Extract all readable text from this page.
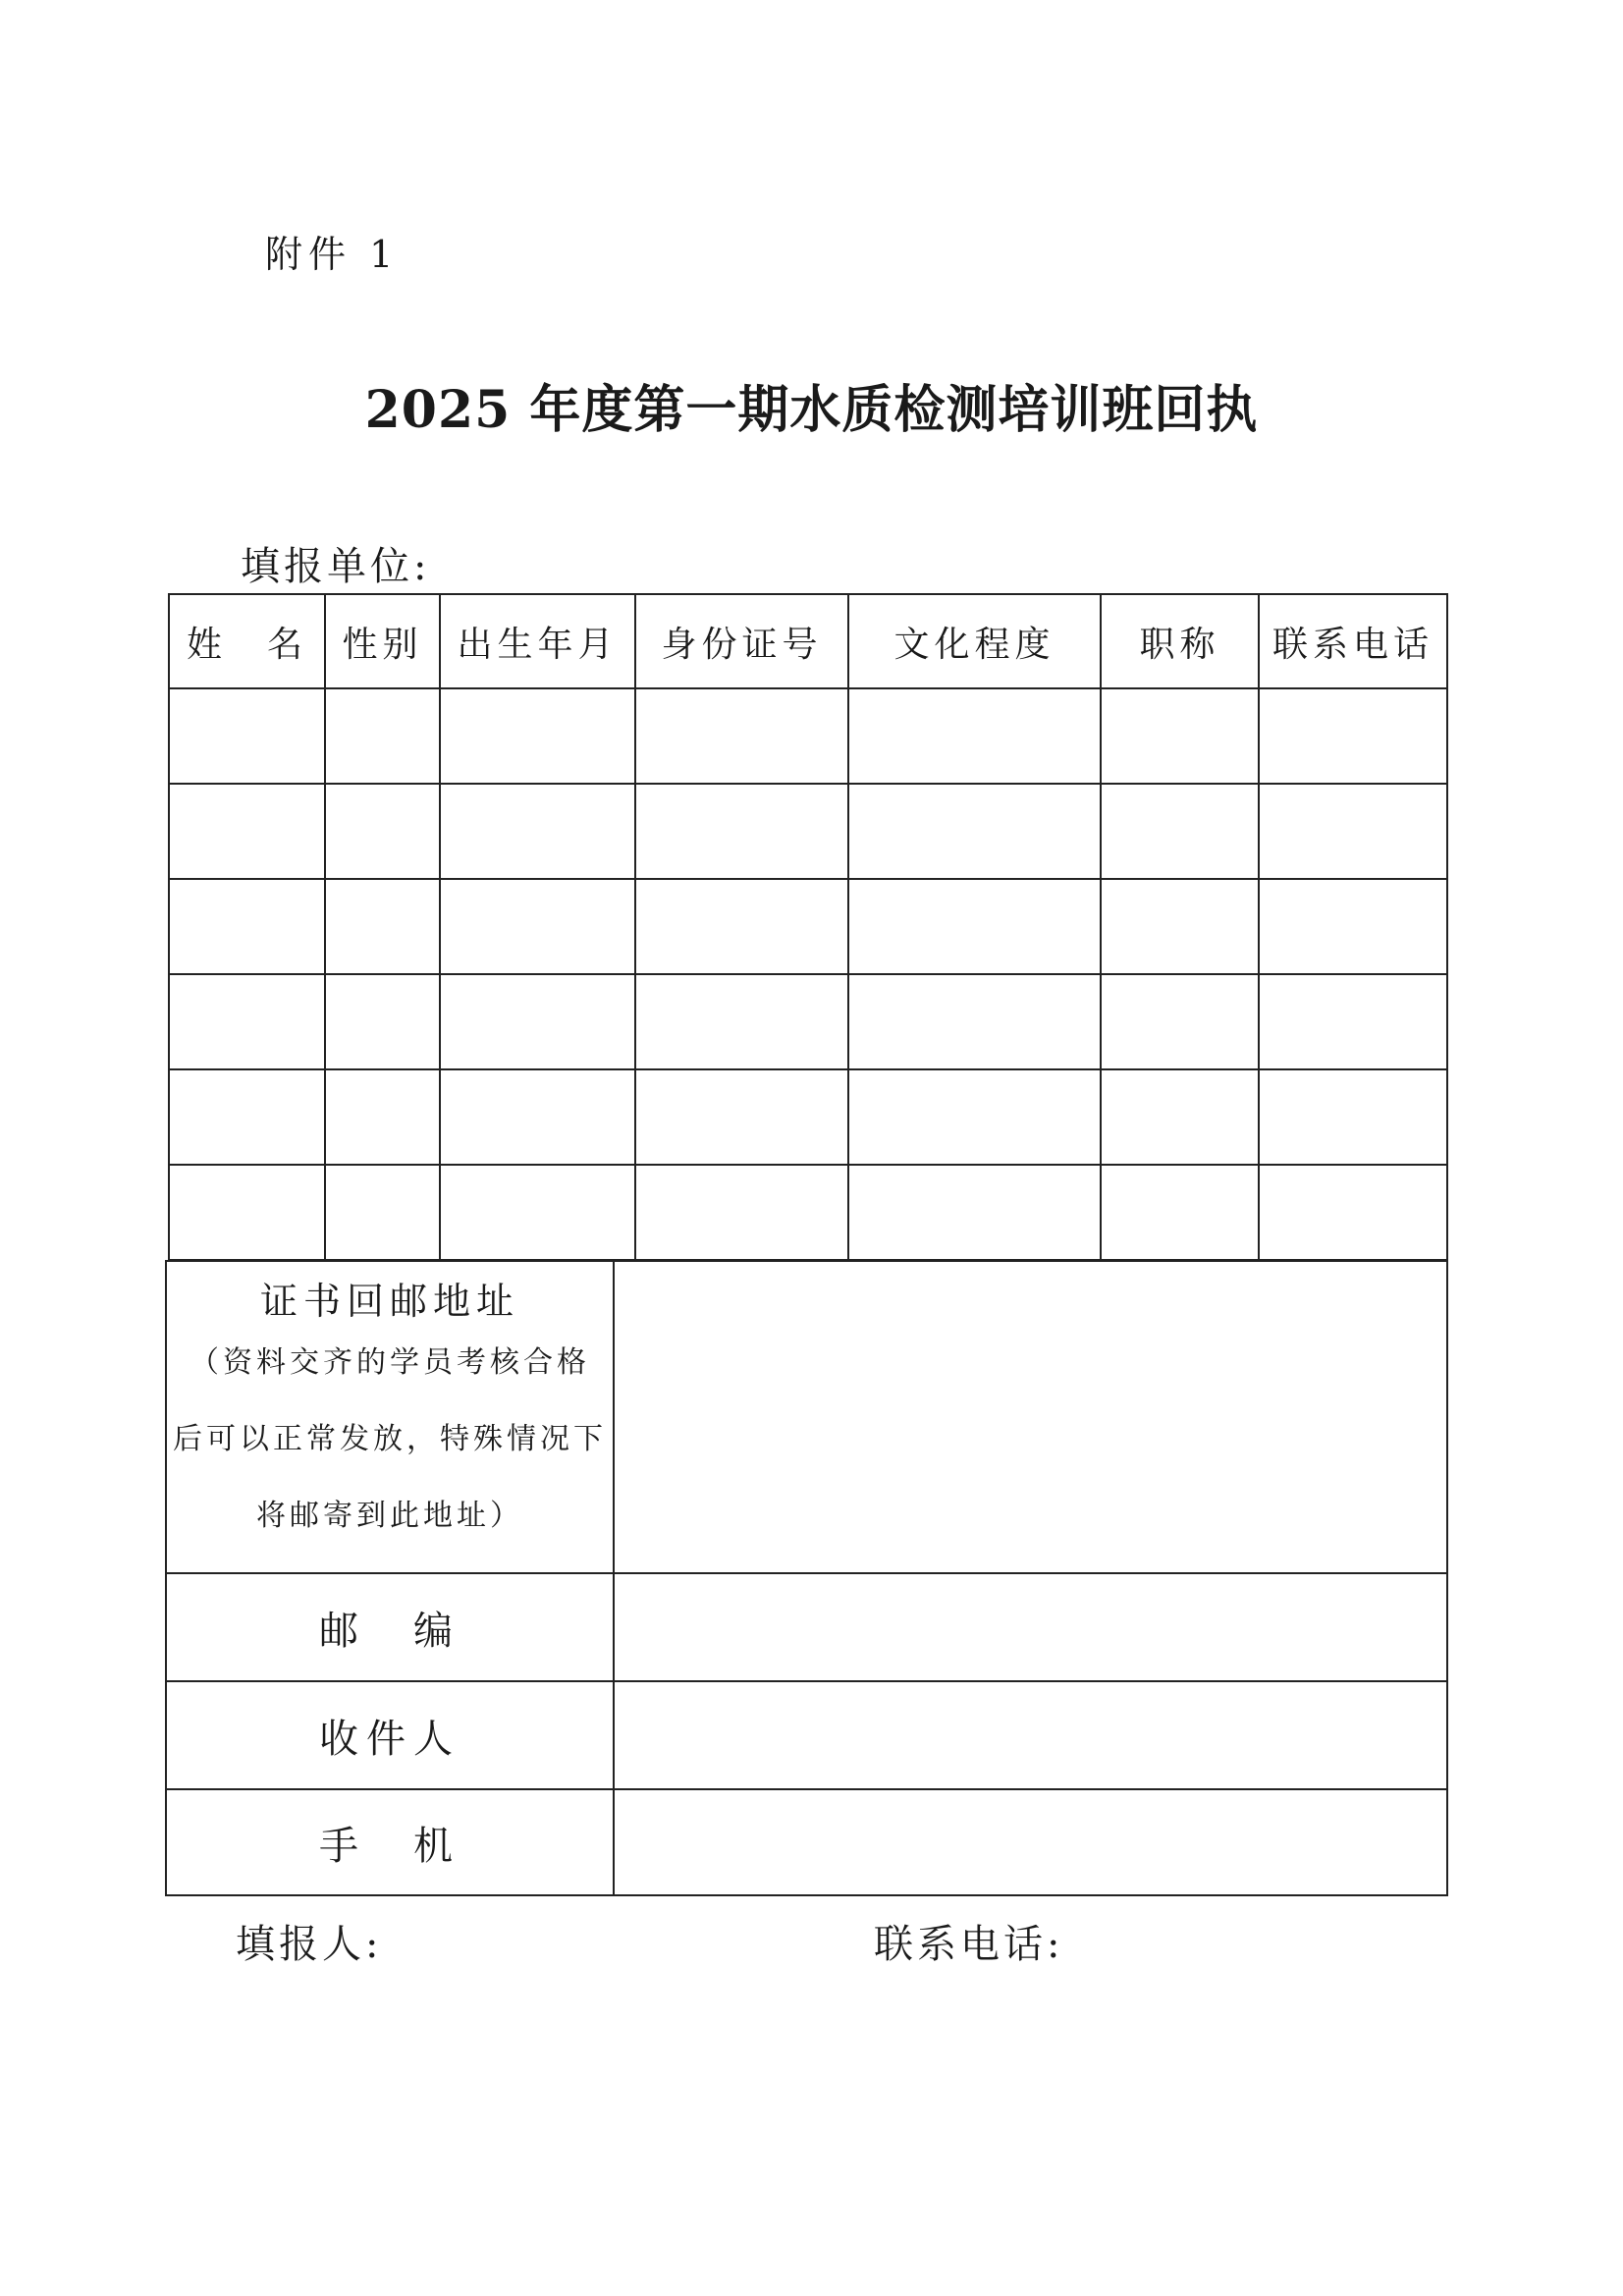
附件 1
2025 年度第一期水质检测培训班回执
填报单位:
姓　名	性别	出生年月	身份证号	文化程度	职称	联系电话

证书回邮地址
（资料交齐的学员考核合格
后可以正常发放，特殊情况下
将邮寄到此地址）	

邮　编	
收件人	
手　机	
填报人:	联系电话:
